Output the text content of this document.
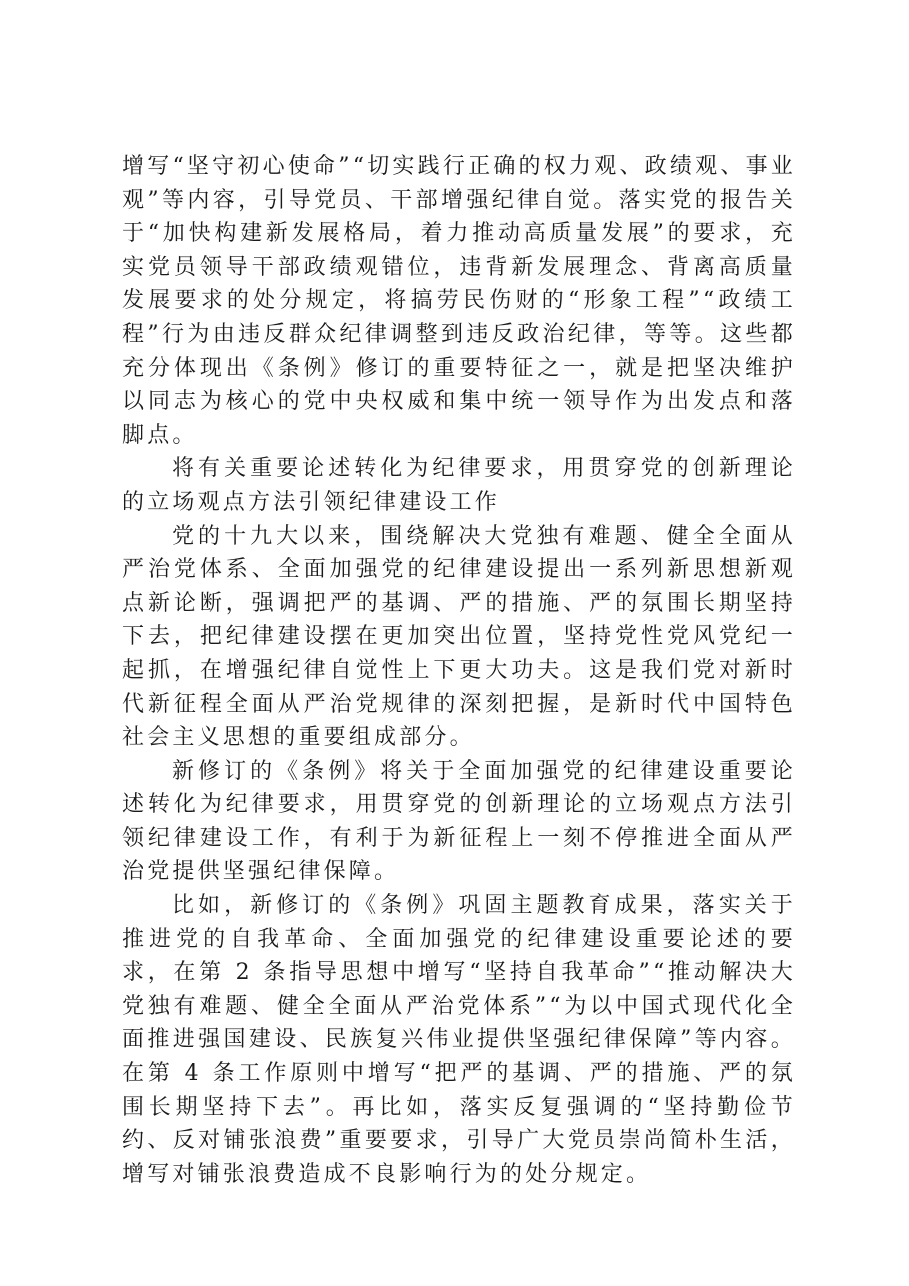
增写“坚守初心使命”“切实践行正确的权力观、政绩观、事业观”等内容，引导党员、干部增强纪律自觉。落实党的报告关于“加快构建新发展格局，着力推动高质量发展”的要求，充实党员领导干部政绩观错位，违背新发展理念、背离高质量发展要求的处分规定，将搞劳民伤财的“形象工程”“政绩工程”行为由违反群众纪律调整到违反政治纪律，等等。这些都充分体现出《条例》修订的重要特征之一，就是把坚决维护以同志为核心的党中央权威和集中统一领导作为出发点和落脚点。

将有关重要论述转化为纪律要求，用贯穿党的创新理论的立场观点方法引领纪律建设工作

党的十九大以来，围绕解决大党独有难题、健全全面从严治党体系、全面加强党的纪律建设提出一系列新思想新观点新论断，强调把严的基调、严的措施、严的氛围长期坚持下去，把纪律建设摆在更加突出位置，坚持党性党风党纪一起抓，在增强纪律自觉性上下更大功夫。这是我们党对新时代新征程全面从严治党规律的深刻把握，是新时代中国特色社会主义思想的重要组成部分。

新修订的《条例》将关于全面加强党的纪律建设重要论述转化为纪律要求，用贯穿党的创新理论的立场观点方法引领纪律建设工作，有利于为新征程上一刻不停推进全面从严治党提供坚强纪律保障。

比如，新修订的《条例》巩固主题教育成果，落实关于推进党的自我革命、全面加强党的纪律建设重要论述的要求，在第 2 条指导思想中增写“坚持自我革命”“推动解决大党独有难题、健全全面从严治党体系”“为以中国式现代化全面推进强国建设、民族复兴伟业提供坚强纪律保障”等内容。在第 4 条工作原则中增写“把严的基调、严的措施、严的氛围长期坚持下去”。再比如，落实反复强调的“坚持勤俭节约、反对铺张浪费”重要要求，引导广大党员崇尚简朴生活，增写对铺张浪费造成不良影响行为的处分规定。
